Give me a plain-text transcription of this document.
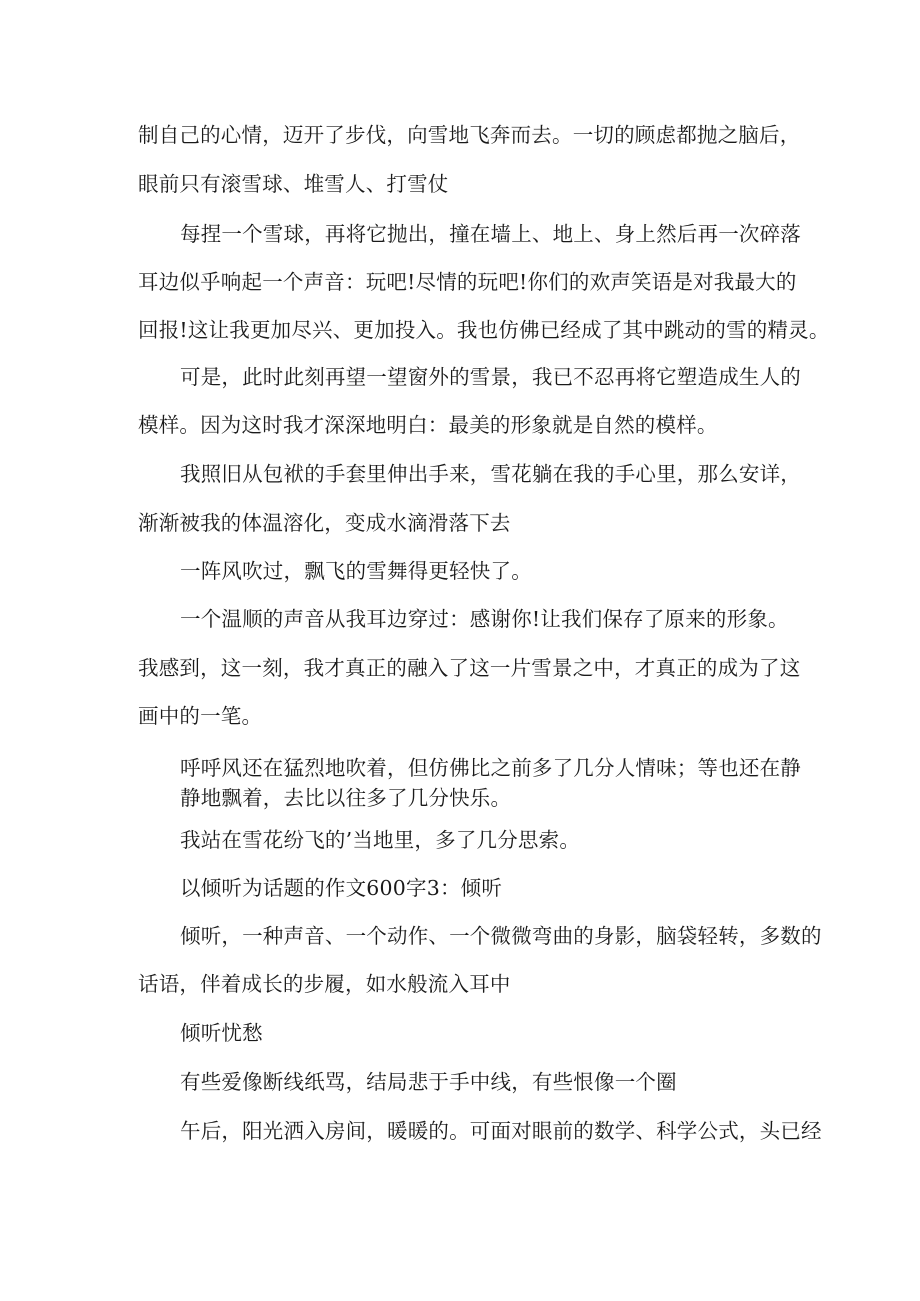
制自己的心情，迈开了步伐，向雪地飞奔而去。一切的顾虑都抛之脑后，
眼前只有滚雪球、堆雪人、打雪仗
每捏一个雪球，再将它抛出，撞在墙上、地上、身上然后再一次碎落
耳边似乎响起一个声音：玩吧!尽情的玩吧!你们的欢声笑语是对我最大的
回报!这让我更加尽兴、更加投入。我也仿佛已经成了其中跳动的雪的精灵。
可是，此时此刻再望一望窗外的雪景，我已不忍再将它塑造成生人的
模样。因为这时我才深深地明白：最美的形象就是自然的模样。
我照旧从包袱的手套里伸出手来，雪花躺在我的手心里，那么安详，
渐渐被我的体温溶化，变成水滴滑落下去
一阵风吹过，飘飞的雪舞得更轻快了。
一个温顺的声音从我耳边穿过：感谢你!让我们保存了原来的形象。
我感到，这一刻，我才真正的融入了这一片雪景之中，才真正的成为了这
画中的一笔。
呼呼风还在猛烈地吹着，但仿佛比之前多了几分人情味；等也还在静
静地飘着，去比以往多了几分快乐。
我站在雪花纷飞的’当地里，多了几分思索。
以倾听为话题的作文600字3：倾听
倾听，一种声音、一个动作、一个微微弯曲的身影，脑袋轻转，多数的
话语，伴着成长的步履，如水般流入耳中
倾听忧愁
有些爱像断线纸骂，结局悲于手中线，有些恨像一个圈
午后，阳光洒入房间，暖暖的。可面对眼前的数学、科学公式，头已经
